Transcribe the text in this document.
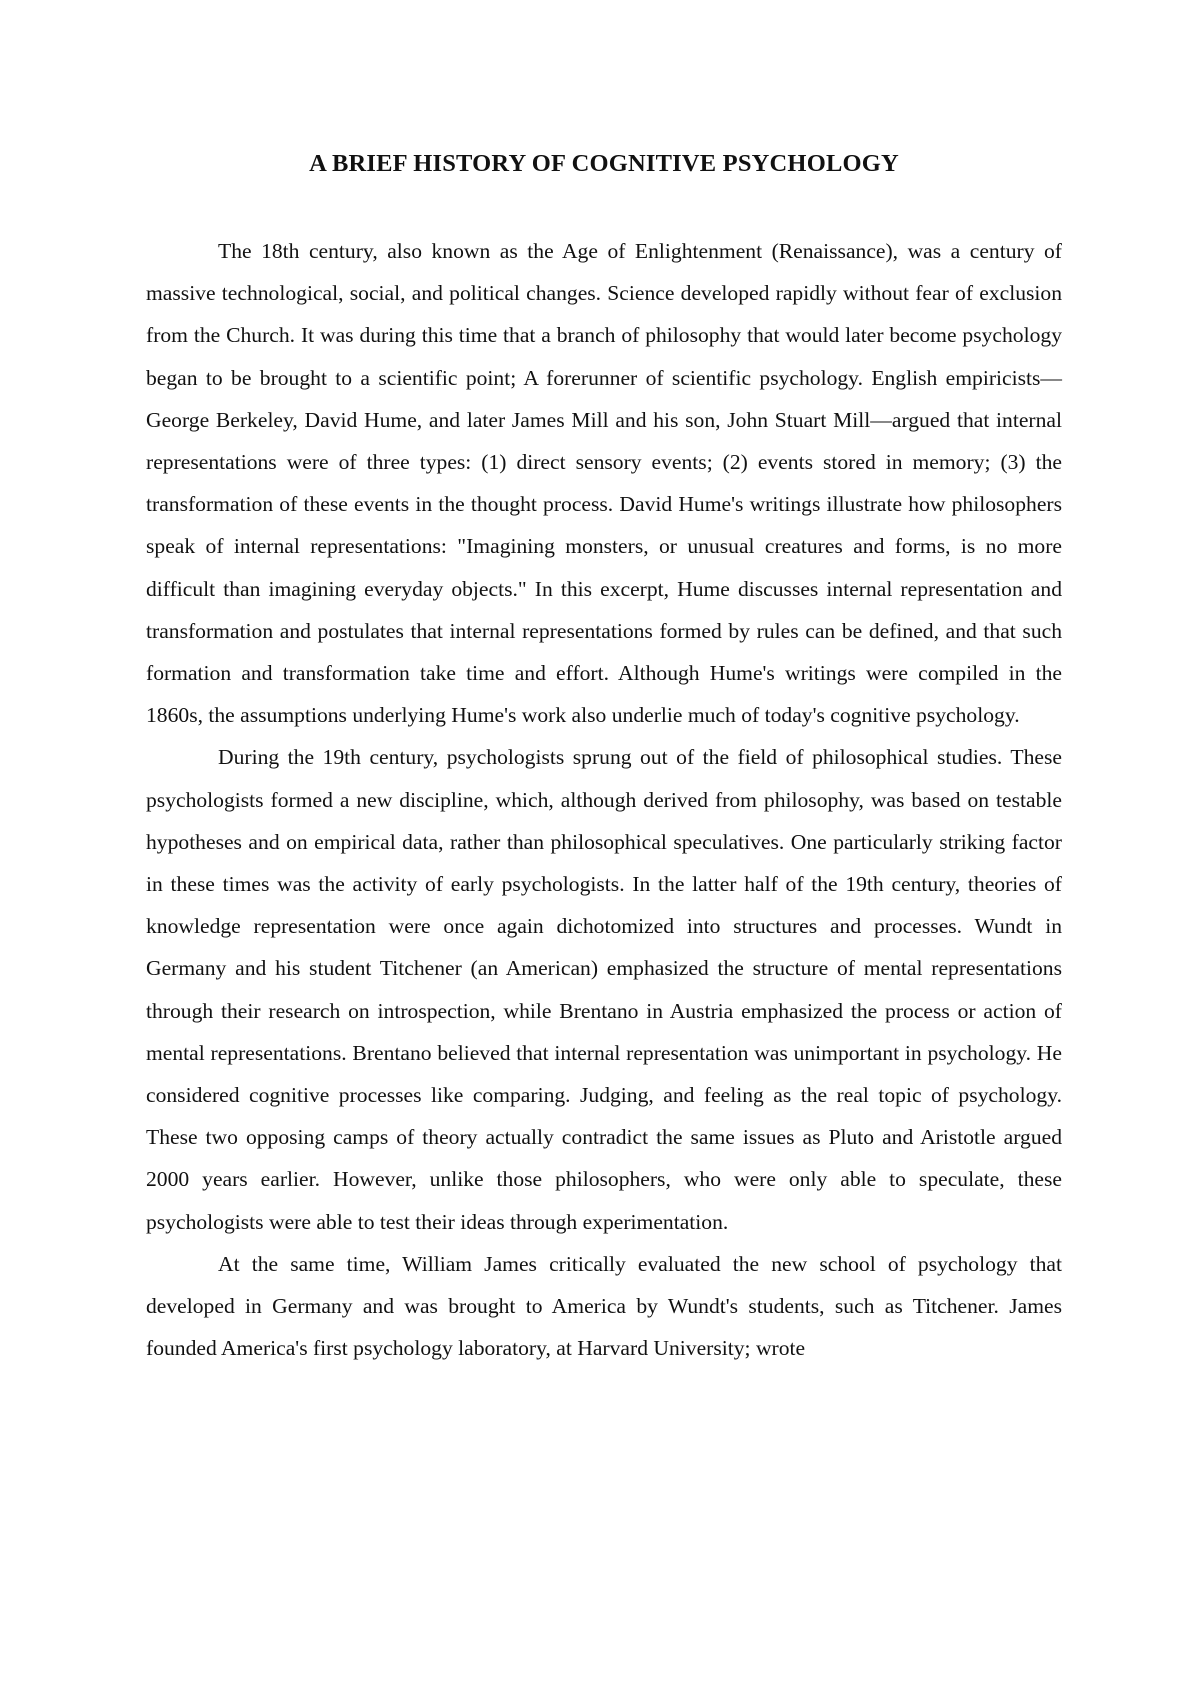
A BRIEF HISTORY OF COGNITIVE PSYCHOLOGY

The 18th century, also known as the Age of Enlightenment (Renaissance), was a century of massive technological, social, and political changes. Science developed rapidly without fear of exclusion from the Church. It was during this time that a branch of philosophy that would later become psychology began to be brought to a scientific point; A forerunner of scientific psychology. English empiricists—George Berkeley, David Hume, and later James Mill and his son, John Stuart Mill—argued that internal representations were of three types: (1) direct sensory events; (2) events stored in memory; (3) the transformation of these events in the thought process. David Hume's writings illustrate how philosophers speak of internal representations: "Imagining monsters, or unusual creatures and forms, is no more difficult than imagining everyday objects." In this excerpt, Hume discusses internal representation and transformation and postulates that internal representations formed by rules can be defined, and that such formation and transformation take time and effort. Although Hume's writings were compiled in the 1860s, the assumptions underlying Hume's work also underlie much of today's cognitive psychology.

During the 19th century, psychologists sprung out of the field of philosophical studies. These psychologists formed a new discipline, which, although derived from philosophy, was based on testable hypotheses and on empirical data, rather than philosophical speculatives. One particularly striking factor in these times was the activity of early psychologists. In the latter half of the 19th century, theories of knowledge representation were once again dichotomized into structures and processes. Wundt in Germany and his student Titchener (an American) emphasized the structure of mental representations through their research on introspection, while Brentano in Austria emphasized the process or action of mental representations. Brentano believed that internal representation was unimportant in psychology. He considered cognitive processes like comparing. Judging, and feeling as the real topic of psychology. These two opposing camps of theory actually contradict the same issues as Pluto and Aristotle argued 2000 years earlier. However, unlike those philosophers, who were only able to speculate, these psychologists were able to test their ideas through experimentation.

At the same time, William James critically evaluated the new school of psychology that developed in Germany and was brought to America by Wundt's students, such as Titchener. James founded America's first psychology laboratory, at Harvard University; wrote
